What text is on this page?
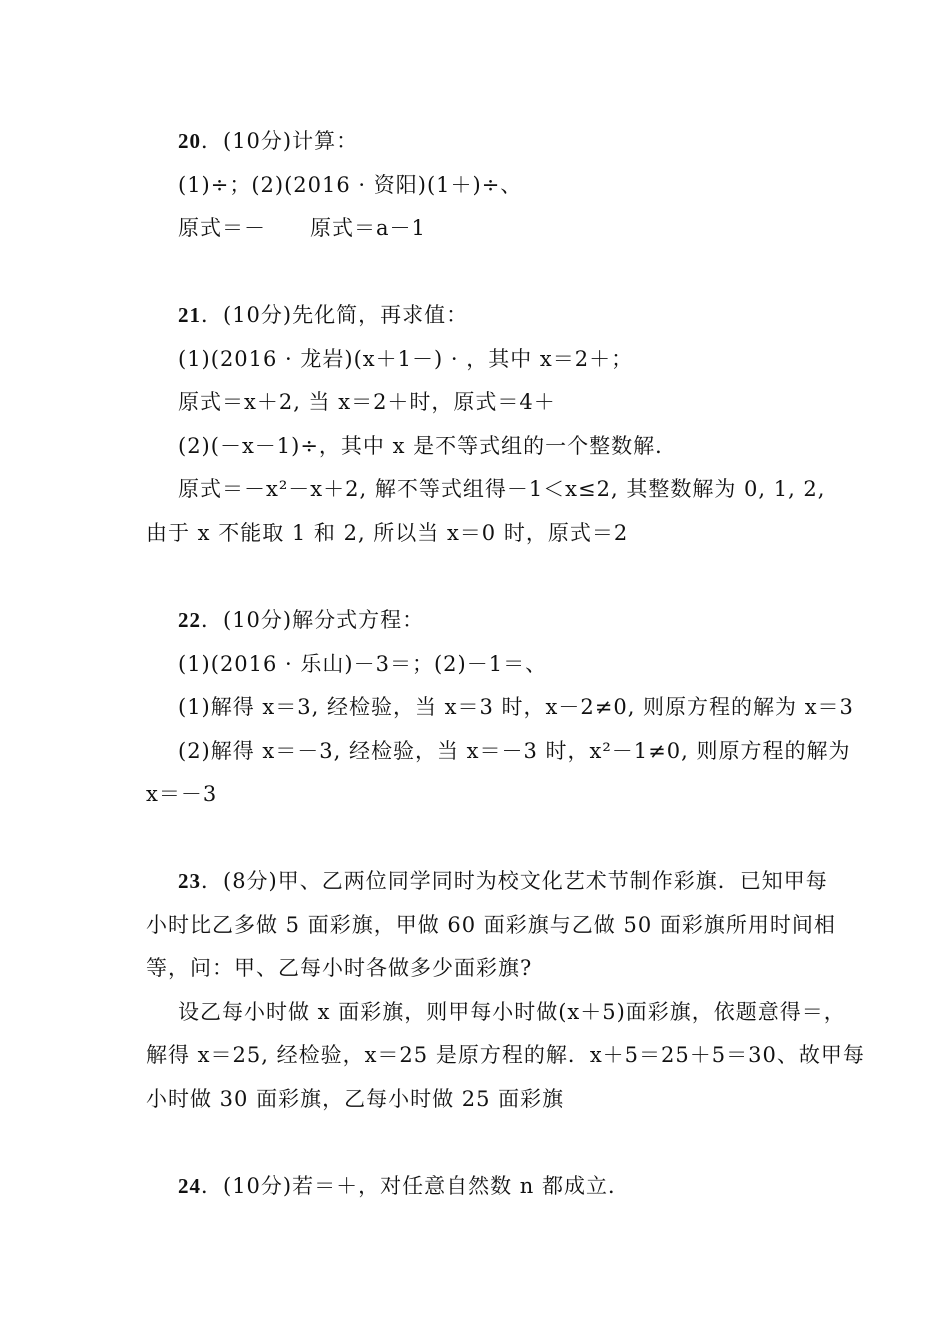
20．(10分)计算：
(1)÷；(2)(2016 · 资阳)(1＋)÷、
原式＝－　　原式＝a－1
21．(10分)先化简，再求值：
(1)(2016 · 龙岩)(x＋1－) · ，其中 x＝2＋；
原式＝x＋2, 当 x＝2＋时，原式＝4＋
(2)(－x－1)÷，其中 x 是不等式组的一个整数解．
原式＝－x²－x＋2, 解不等式组得－1＜x≤2, 其整数解为 0, 1, 2,
由于 x 不能取 1 和 2, 所以当 x＝0 时，原式＝2
22．(10分)解分式方程：
(1)(2016 · 乐山)－3＝；(2)－1＝、
(1)解得 x＝3, 经检验，当 x＝3 时，x－2≠0, 则原方程的解为 x＝3
(2)解得 x＝－3, 经检验，当 x＝－3 时，x²－1≠0, 则原方程的解为
x＝－3
23．(8分)甲、乙两位同学同时为校文化艺术节制作彩旗．已知甲每
小时比乙多做 5 面彩旗，甲做 60 面彩旗与乙做 50 面彩旗所用时间相
等，问：甲、乙每小时各做多少面彩旗?
设乙每小时做 x 面彩旗，则甲每小时做(x＋5)面彩旗，依题意得＝，
解得 x＝25, 经检验，x＝25 是原方程的解．x＋5＝25＋5＝30、故甲每
小时做 30 面彩旗，乙每小时做 25 面彩旗
24．(10分)若＝＋，对任意自然数 n 都成立．
